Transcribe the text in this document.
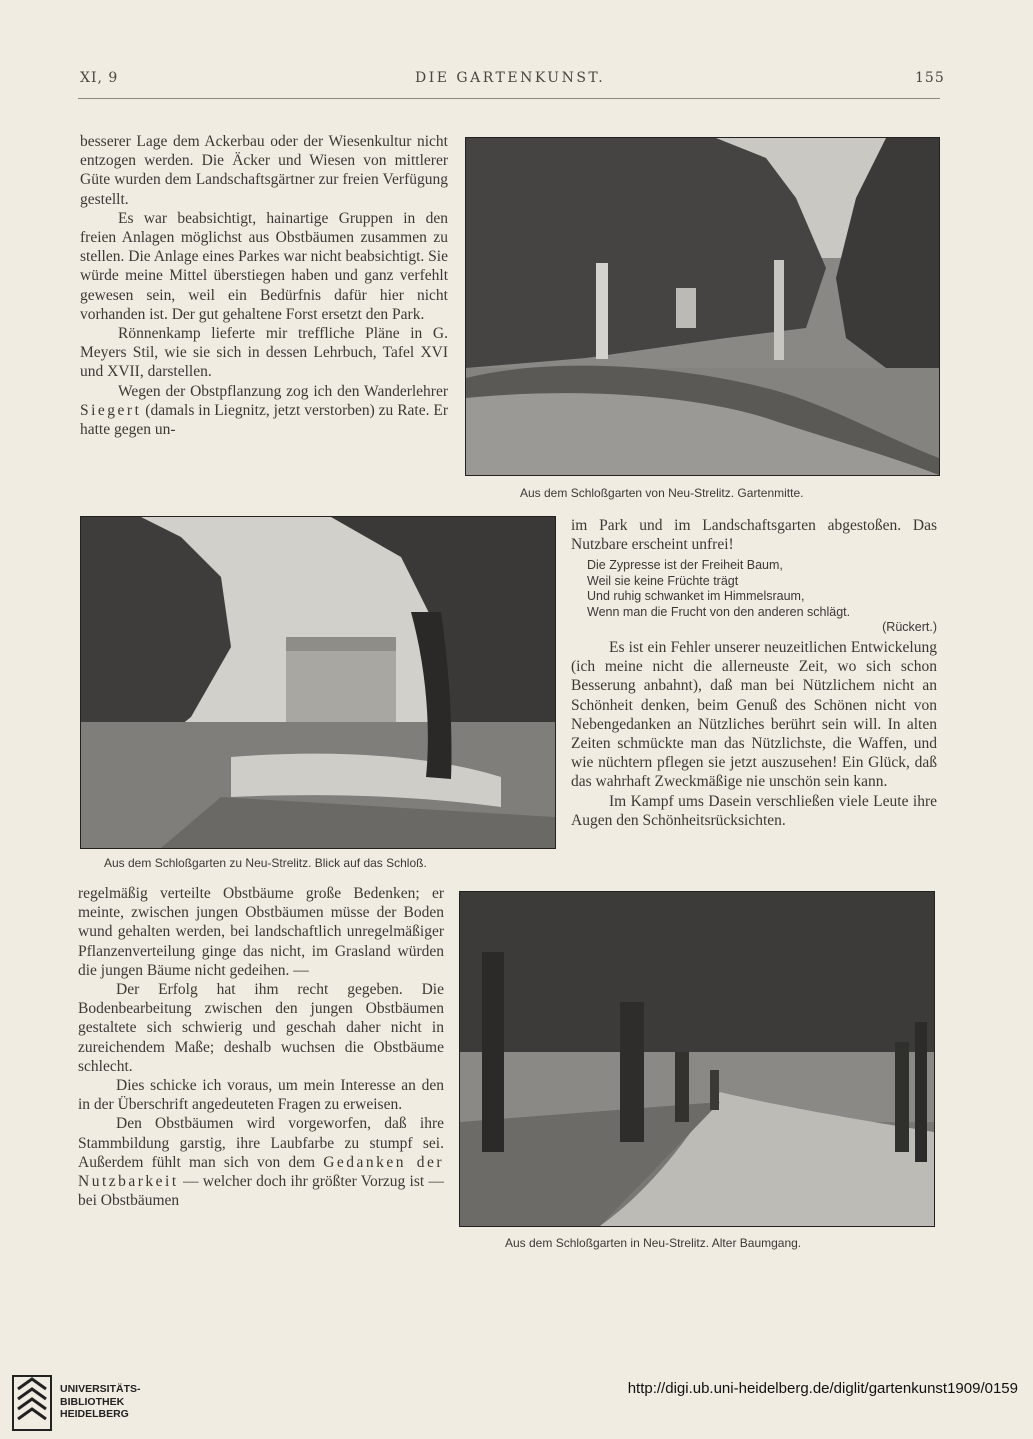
XI, 9	DIE GARTENKUNST.	155

besserer Lage dem Ackerbau oder der Wiesenkultur nicht entzogen werden. Die Äcker und Wiesen von mittlerer Güte wurden dem Landschaftsgärtner zur freien Verfügung gestellt.

Es war beabsichtigt, hainartige Gruppen in den freien Anlagen möglichst aus Obstbäumen zusammen zu stellen. Die Anlage eines Parkes war nicht beabsichtigt. Sie würde meine Mittel überstiegen haben und ganz verfehlt gewesen sein, weil ein Bedürfnis dafür hier nicht vorhanden ist. Der gut gehaltene Forst ersetzt den Park.

Rönnenkamp lieferte mir treffliche Pläne in G. Meyers Stil, wie sie sich in dessen Lehrbuch, Tafel XVI und XVII, darstellen.

Wegen der Obstpflanzung zog ich den Wanderlehrer Siegert (damals in Liegnitz, jetzt verstorben) zu Rate. Er hatte gegen un-

Aus dem Schloßgarten von Neu-Strelitz. Gartenmitte.
Aus dem Schloßgarten zu Neu-Strelitz. Blick auf das Schloß.

im Park und im Landschaftsgarten abgestoßen. Das Nutzbare erscheint unfrei!

Die Zypresse ist der Freiheit Baum,
Weil sie keine Früchte trägt
Und ruhig schwanket im Himmelsraum,
Wenn man die Frucht von den anderen schlägt.
(Rückert.)

Es ist ein Fehler unserer neuzeitlichen Entwickelung (ich meine nicht die allerneuste Zeit, wo sich schon Besserung anbahnt), daß man bei Nützlichem nicht an Schönheit denken, beim Genuß des Schönen nicht von Nebengedanken an Nützliches berührt sein will. In alten Zeiten schmückte man das Nützlichste, die Waffen, und wie nüchtern pflegen sie jetzt auszusehen! Ein Glück, daß das wahrhaft Zweckmäßige nie unschön sein kann.

Im Kampf ums Dasein verschließen viele Leute ihre Augen den Schönheitsrücksichten.

regelmäßig verteilte Obstbäume große Bedenken; er meinte, zwischen jungen Obstbäumen müsse der Boden wund gehalten werden, bei landschaftlich unregelmäßiger Pflanzenverteilung ginge das nicht, im Grasland würden die jungen Bäume nicht gedeihen. —

Der Erfolg hat ihm recht gegeben. Die Bodenbearbeitung zwischen den jungen Obstbäumen gestaltete sich schwierig und geschah daher nicht in zureichendem Maße; deshalb wuchsen die Obstbäume schlecht.

Dies schicke ich voraus, um mein Interesse an den in der Überschrift angedeuteten Fragen zu erweisen.

Den Obstbäumen wird vorgeworfen, daß ihre Stammbildung garstig, ihre Laubfarbe zu stumpf sei. Außerdem fühlt man sich von dem Gedanken der Nutzbarkeit — welcher doch ihr größter Vorzug ist — bei Obstbäumen

Aus dem Schloßgarten in Neu-Strelitz. Alter Baumgang.
UNIVERSITÄTS-
BIBLIOTHEK
HEIDELBERG
http://digi.ub.uni-heidelberg.de/diglit/gartenkunst1909/0159
